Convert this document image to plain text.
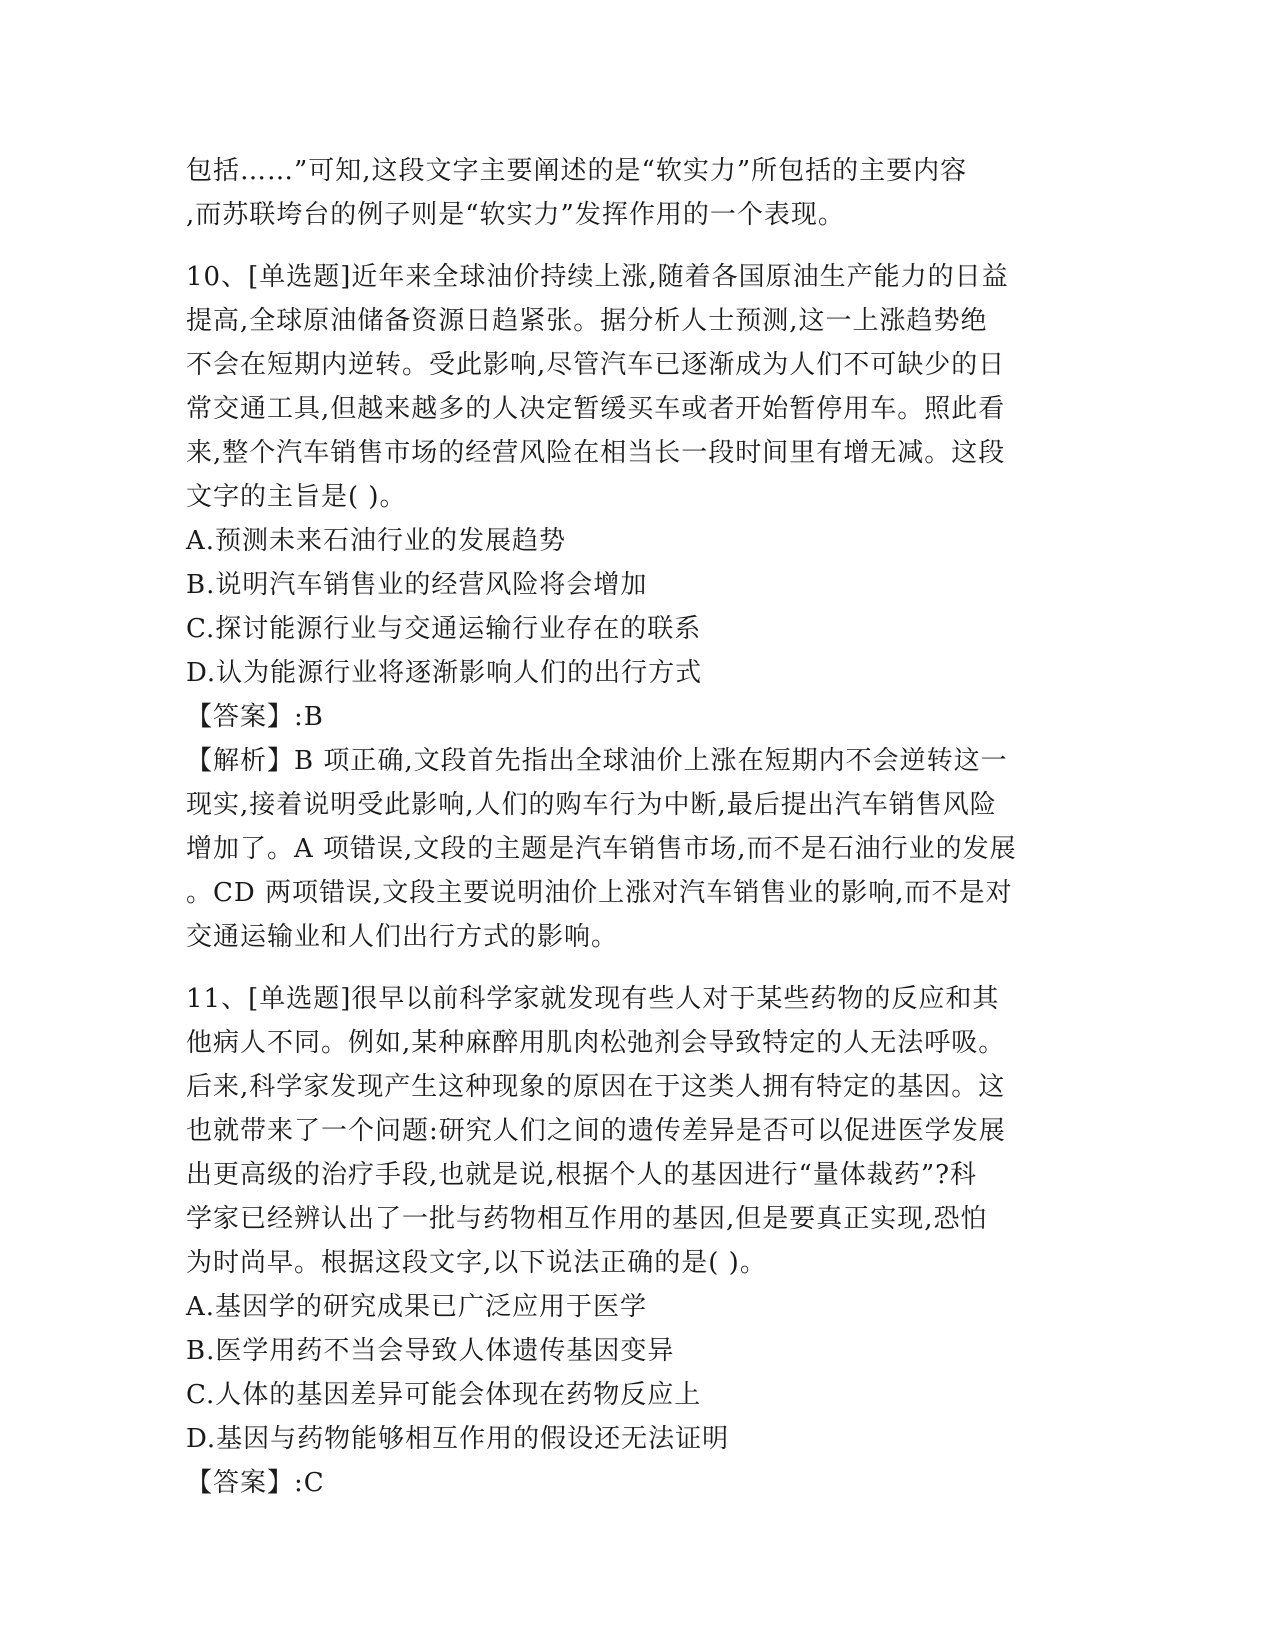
包括……”可知,这段文字主要阐述的是“软实力”所包括的主要内容

,而苏联垮台的例子则是“软实力”发挥作用的一个表现。

10、[单选题]近年来全球油价持续上涨,随着各国原油生产能力的日益

提高,全球原油储备资源日趋紧张。据分析人士预测,这一上涨趋势绝

不会在短期内逆转。受此影响,尽管汽车已逐渐成为人们不可缺少的日

常交通工具,但越来越多的人决定暂缓买车或者开始暂停用车。照此看

来,整个汽车销售市场的经营风险在相当长一段时间里有增无减。这段

文字的主旨是( )。

A.预测未来石油行业的发展趋势

B.说明汽车销售业的经营风险将会增加

C.探讨能源行业与交通运输行业存在的联系

D.认为能源行业将逐渐影响人们的出行方式

【答案】:B

【解析】B 项正确,文段首先指出全球油价上涨在短期内不会逆转这一

现实,接着说明受此影响,人们的购车行为中断,最后提出汽车销售风险

增加了。A 项错误,文段的主题是汽车销售市场,而不是石油行业的发展

。CD 两项错误,文段主要说明油价上涨对汽车销售业的影响,而不是对

交通运输业和人们出行方式的影响。

11、[单选题]很早以前科学家就发现有些人对于某些药物的反应和其

他病人不同。例如,某种麻醉用肌肉松弛剂会导致特定的人无法呼吸。

后来,科学家发现产生这种现象的原因在于这类人拥有特定的基因。这

也就带来了一个问题:研究人们之间的遗传差异是否可以促进医学发展

出更高级的治疗手段,也就是说,根据个人的基因进行“量体裁药”?科

学家已经辨认出了一批与药物相互作用的基因,但是要真正实现,恐怕

为时尚早。根据这段文字,以下说法正确的是( )。

A.基因学的研究成果已广泛应用于医学

B.医学用药不当会导致人体遗传基因变异

C.人体的基因差异可能会体现在药物反应上

D.基因与药物能够相互作用的假设还无法证明

【答案】:C
